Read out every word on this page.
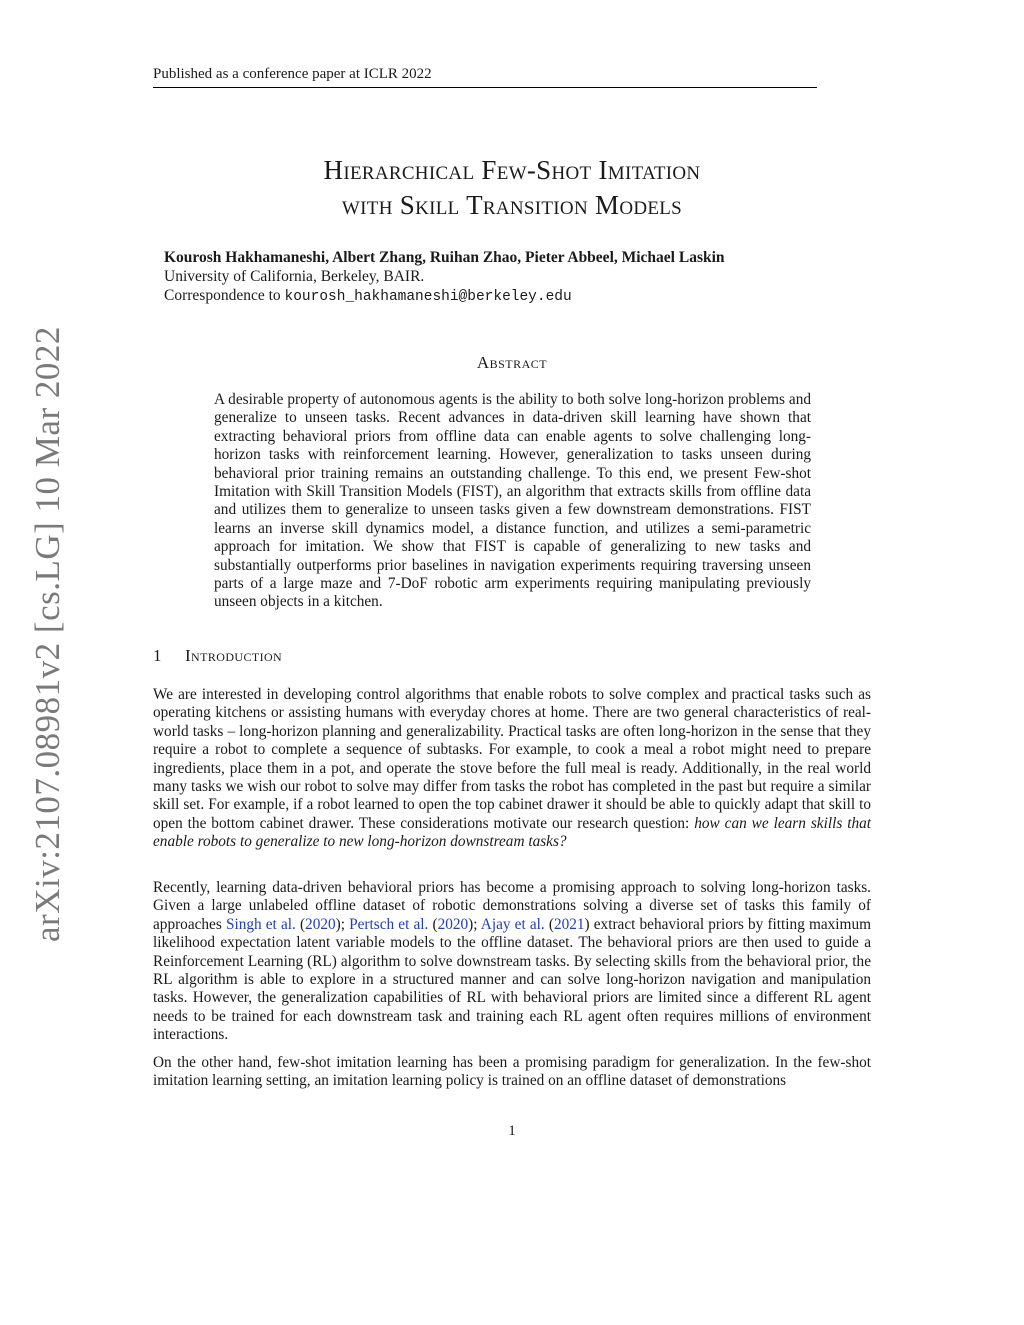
Published as a conference paper at ICLR 2022
arXiv:2107.08981v2 [cs.LG] 10 Mar 2022
Hierarchical Few-Shot Imitation
with Skill Transition Models
Kourosh Hakhamaneshi, Albert Zhang, Ruihan Zhao, Pieter Abbeel, Michael Laskin
University of California, Berkeley, BAIR.
Correspondence to kourosh_hakhamaneshi@berkeley.edu
Abstract
A desirable property of autonomous agents is the ability to both solve long-horizon problems and generalize to unseen tasks. Recent advances in data-driven skill learning have shown that extracting behavioral priors from offline data can enable agents to solve challenging long-horizon tasks with reinforcement learning. However, generalization to tasks unseen during behavioral prior training remains an outstanding challenge. To this end, we present Few-shot Imitation with Skill Transition Models (FIST), an algorithm that extracts skills from offline data and utilizes them to generalize to unseen tasks given a few downstream demonstrations. FIST learns an inverse skill dynamics model, a distance function, and utilizes a semi-parametric approach for imitation. We show that FIST is capable of generalizing to new tasks and substantially outperforms prior baselines in navigation experiments requiring traversing unseen parts of a large maze and 7-DoF robotic arm experiments requiring manipulating previously unseen objects in a kitchen.
1 Introduction

We are interested in developing control algorithms that enable robots to solve complex and practical tasks such as operating kitchens or assisting humans with everyday chores at home. There are two general characteristics of real-world tasks – long-horizon planning and generalizability. Practical tasks are often long-horizon in the sense that they require a robot to complete a sequence of subtasks. For example, to cook a meal a robot might need to prepare ingredients, place them in a pot, and operate the stove before the full meal is ready. Additionally, in the real world many tasks we wish our robot to solve may differ from tasks the robot has completed in the past but require a similar skill set. For example, if a robot learned to open the top cabinet drawer it should be able to quickly adapt that skill to open the bottom cabinet drawer. These considerations motivate our research question: how can we learn skills that enable robots to generalize to new long-horizon downstream tasks?

Recently, learning data-driven behavioral priors has become a promising approach to solving long-horizon tasks. Given a large unlabeled offline dataset of robotic demonstrations solving a diverse set of tasks this family of approaches Singh et al. (2020); Pertsch et al. (2020); Ajay et al. (2021) extract behavioral priors by fitting maximum likelihood expectation latent variable models to the offline dataset. The behavioral priors are then used to guide a Reinforcement Learning (RL) algorithm to solve downstream tasks. By selecting skills from the behavioral prior, the RL algorithm is able to explore in a structured manner and can solve long-horizon navigation and manipulation tasks. However, the generalization capabilities of RL with behavioral priors are limited since a different RL agent needs to be trained for each downstream task and training each RL agent often requires millions of environment interactions.

On the other hand, few-shot imitation learning has been a promising paradigm for generalization. In the few-shot imitation learning setting, an imitation learning policy is trained on an offline dataset of demonstrations

1
